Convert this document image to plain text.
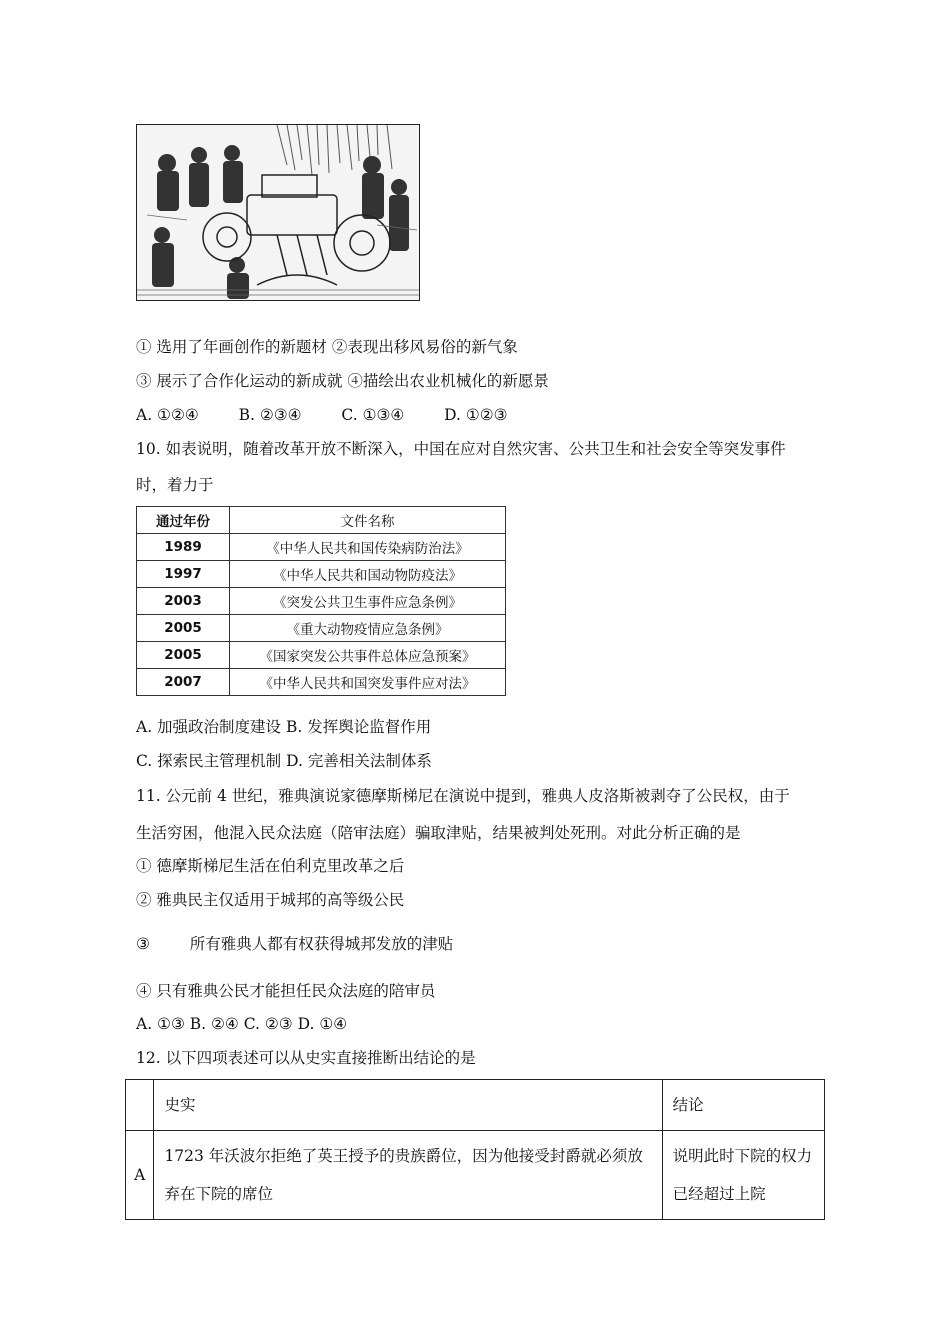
① 选用了年画创作的新题材 ②表现出移风易俗的新气象
③ 展示了合作化运动的新成就 ④描绘出农业机械化的新愿景
A. ①②④	B. ②③④	C. ①③④	D. ①②③
10. 如表说明，随着改革开放不断深入，中国在应对自然灾害、公共卫生和社会安全等突发事件
时，着力于
通过年份	文件名称
1989	《中华人民共和国传染病防治法》
1997	《中华人民共和国动物防疫法》
2003	《突发公共卫生事件应急条例》
2005	《重大动物疫情应急条例》
2005	《国家突发公共事件总体应急预案》
2007	《中华人民共和国突发事件应对法》
A. 加强政治制度建设 B. 发挥舆论监督作用
C. 探索民主管理机制 D. 完善相关法制体系
11. 公元前 4 世纪，雅典演说家德摩斯梯尼在演说中提到，雅典人皮洛斯被剥夺了公民权，由于
生活穷困，他混入民众法庭（陪审法庭）骗取津贴，结果被判处死刑。对此分析正确的是
① 德摩斯梯尼生活在伯利克里改革之后
② 雅典民主仅适用于城邦的高等级公民
③	所有雅典人都有权获得城邦发放的津贴
④ 只有雅典公民才能担任民众法庭的陪审员
A. ①③ B. ②④ C. ②③ D. ①④
12. 以下四项表述可以从史实直接推断出结论的是
	史实	结论
A	1723 年沃波尔拒绝了英王授予的贵族爵位，因为他接受封爵就必须放弃在下院的席位	说明此时下院的权力已经超过上院
